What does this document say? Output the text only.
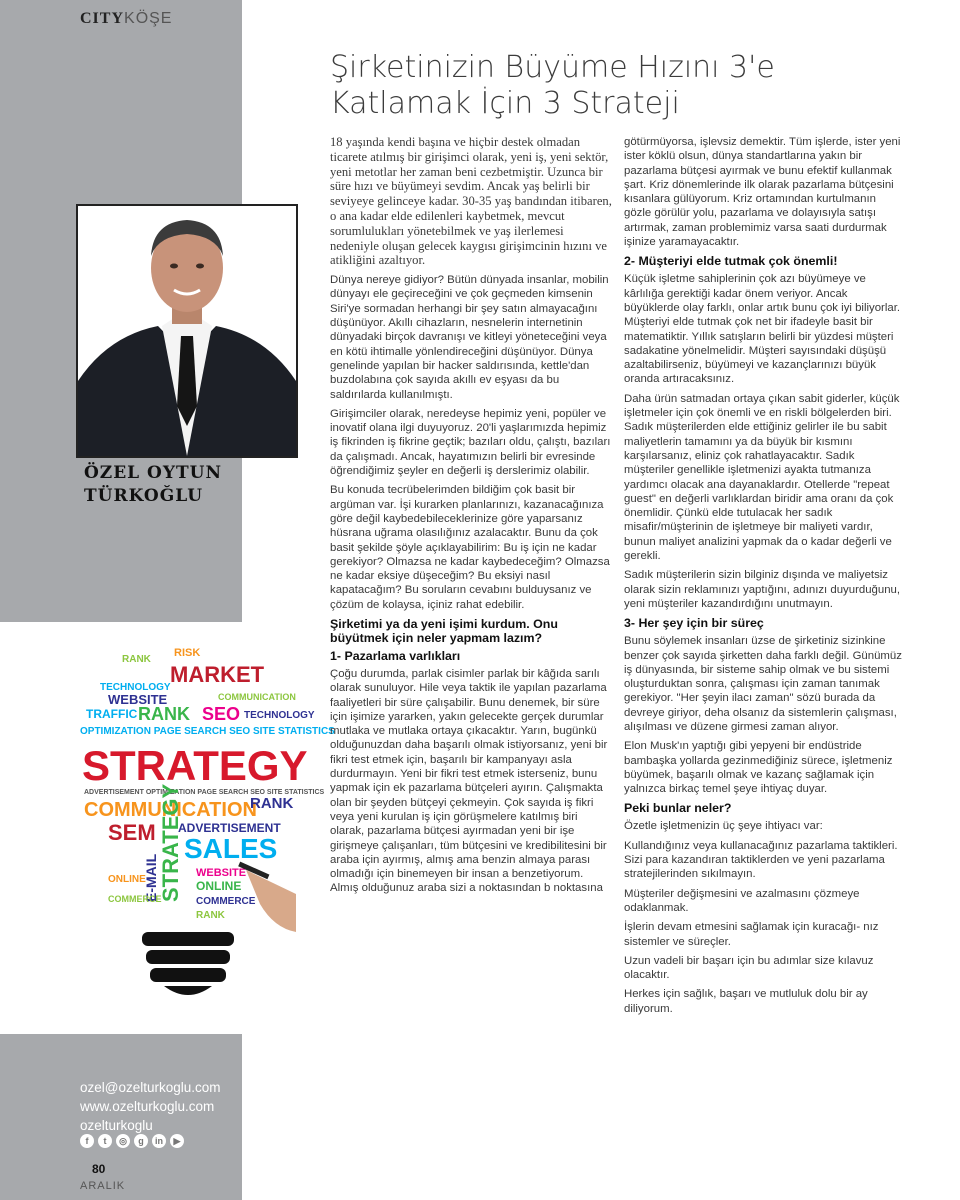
CITYKÖŞE
ÖZEL OYTUN
TÜRKOĞLU
RANK
RISK
MARKET
TECHNOLOGY
WEBSITE	COMMUNICATION
TRAFFIC RANK SEO TECHNOLOGY
OPTIMIZATION PAGE SEARCH SEO SITE STATISTICS
STRATEGY
ADVERTISEMENT OPTIMIZATION PAGE SEARCH SEO SITE STATISTICS
COMMUNICATION
RANK
ADVERTISEMENT
SEM
SALES
STRATEGY
E-MAIL	WEBSITE
ONLINE
COMMERCE
RANK
ONLINE
COMMERCE
ozel@ozelturkoglu.com
www.ozelturkoglu.com
ozelturkoglu
f	t	◎	g	in	▶
80
ARALIK
Şirketinizin Büyüme Hızını 3'e
Katlamak İçin 3 Strateji

18 yaşında kendi başına ve hiçbir destek olmadan ticarete atılmış bir girişimci olarak, yeni iş, yeni sektör, yeni metotlar her zaman beni cezbetmiştir. Uzunca bir süre hızı ve büyümeyi sevdim. Ancak yaş belirli bir seviyeye gelinceye kadar. 30-35 yaş bandından itibaren, o ana kadar elde edilenleri kaybetmek, mevcut sorumlulukları yönetebilmek ve yaş ilerlemesi nedeniyle oluşan gelecek kaygısı girişimcinin hızını ve atikliğini azaltıyor.

Dünya nereye gidiyor? Bütün dünyada insanlar, mobilin dünyayı ele geçireceğini ve çok geçmeden kimsenin Siri'ye sormadan herhangi bir şey satın almayacağını düşünüyor. Akıllı cihazların, nesnelerin internetinin dünyadaki birçok davranışı ve kitleyi yöneteceğini veya en kötü ihtimalle yönlendireceğini düşünüyor. Dünya genelinde yapılan bir hacker saldırısında, kettle'dan buzdolabına çok sayıda akıllı ev eşyası da bu saldırılarda kullanılmıştı.

Girişimciler olarak, neredeyse hepimiz yeni, popüler ve inovatif olana ilgi duyuyoruz. 20'li yaşlarımızda hepimiz iş fikrinden iş fikrine geçtik; bazıları oldu, çalıştı, bazıları da çalışmadı. Ancak, hayatımızın belirli bir evresinde öğrendiğimiz şeyler en değerli iş derslerimiz olabilir.

Bu konuda tecrübelerimden bildiğim çok basit bir argüman var. İşi kurarken planlarınızı, kazanacağınıza göre değil kaybedebileceklerinize göre yaparsanız hüsrana uğrama olasılığınız azalacaktır. Bunu da çok basit şekilde şöyle açıklayabilirim: Bu iş için ne kadar gerekiyor? Olmazsa ne kadar kaybedeceğim? Olmazsa ne kadar eksiye düşeceğim? Bu eksiyi nasıl kapatacağım? Bu soruların cevabını bulduysanız ve çözüm de kolaysa, içiniz rahat edebilir.

Şirketimi ya da yeni işimi kurdum. Onu büyütmek için neler yapmam lazım?
1- Pazarlama varlıkları

Çoğu durumda, parlak cisimler parlak bir kâğıda sarılı olarak sunuluyor. Hile veya taktik ile yapılan pazarlama faaliyetleri bir süre çalışabilir. Bunu denemek, bir süre için işimize yararken, yakın gelecekte gerçek durumlar mutlaka ve mutlaka ortaya çıkacaktır. Yarın, bugünkü olduğunuzdan daha başarılı olmak istiyorsanız, yeni bir fikri test etmek için, başarılı bir kampanyayı asla durdurmayın. Yeni bir fikri test etmek isterseniz, bunu yapmak için ek pazarlama bütçeleri ayırın. Çalışmakta olan bir şeyden bütçeyi çekmeyin. Çok sayıda iş fikri veya yeni kurulan iş için görüşmelere katılmış biri olarak, pazarlama bütçesi ayırmadan yeni bir işe girişmeye çalışanları, tüm bütçesini ve kredibilitesini bir araba için ayırmış, almış ama benzin almaya parası olmadığı için binemeyen bir insan a benzetiyorum. Almış olduğunuz araba sizi a noktasından b noktasına

götürmüyorsa, işlevsiz demektir. Tüm işlerde, ister yeni ister köklü olsun, dünya standartlarına yakın bir pazarlama bütçesi ayırmak ve bunu efektif kullanmak şart. Kriz dönemlerinde ilk olarak pazarlama bütçesini kısanlara gülüyorum. Kriz ortamından kurtulmanın gözle görülür yolu, pazarlama ve dolayısıyla satışı artırmak, zaman problemimiz varsa saati durdurmak işinize yaramayacaktır.

2- Müşteriyi elde tutmak çok önemli!

Küçük işletme sahiplerinin çok azı büyümeye ve kârlılığa gerektiği kadar önem veriyor. Ancak büyüklerde olay farklı, onlar artık bunu çok iyi biliyorlar. Müşteriyi elde tutmak çok net bir ifadeyle basit bir matematiktir. Yıllık satışların belirli bir yüzdesi müşteri sadakatine yönelmelidir. Müşteri sayısındaki düşüşü azaltabilirseniz, büyümeyi ve kazançlarınızı büyük oranda artıracaksınız.

Daha ürün satmadan ortaya çıkan sabit giderler, küçük işletmeler için çok önemli ve en riskli bölgelerden biri. Sadık müşterilerden elde ettiğiniz gelirler ile bu sabit maliyetlerin tamamını ya da büyük bir kısmını karşılarsanız, eliniz çok rahatlayacaktır. Sadık müşteriler genellikle işletmenizi ayakta tutmanıza yardımcı olacak ana dayanaklardır. Otellerde "repeat guest" en değerli varlıklardan biridir ama oranı da çok önemlidir. Çünkü elde tutulacak her sadık misafir/müşterinin de işletmeye bir maliyeti vardır, bunun maliyet analizini yapmak da o kadar değerli ve gerekli.

Sadık müşterilerin sizin bilginiz dışında ve maliyetsiz olarak sizin reklamınızı yaptığını, adınızı duyurduğunu, yeni müşteriler kazandırdığını unutmayın.

3- Her şey için bir süreç

Bunu söylemek insanları üzse de şirketiniz sizinkine benzer çok sayıda şirketten daha farklı değil. Günümüz iş dünyasında, bir sisteme sahip olmak ve bu sistemi oluşturduktan sonra, çalışması için zaman tanımak gerekiyor. "Her şeyin ilacı zaman" sözü burada da devreye giriyor, deha olsanız da sistemlerin çalışması, alışılması ve düzene girmesi zaman alıyor.

Elon Musk'ın yaptığı gibi yepyeni bir endüstride bambaşka yollarda gezinmediğiniz sürece, işletmeniz büyümek, başarılı olmak ve kazanç sağlamak için yalnızca birkaç temel şeye ihtiyaç duyar.

Peki bunlar neler?

Özetle işletmenizin üç şeye ihtiyacı var:

Kullandığınız veya kullanacağınız pazarlama taktikleri. Sizi para kazandıran taktiklerden ve yeni pazarlama stratejilerinden sıkılmayın.

Müşteriler değişmesini ve azalmasını çözmeye odaklanmak.

İşlerin devam etmesini sağlamak için kuracağı- nız sistemler ve süreçler.

Uzun vadeli bir başarı için bu adımlar size kılavuz olacaktır.

Herkes için sağlık, başarı ve mutluluk dolu bir ay diliyorum.
